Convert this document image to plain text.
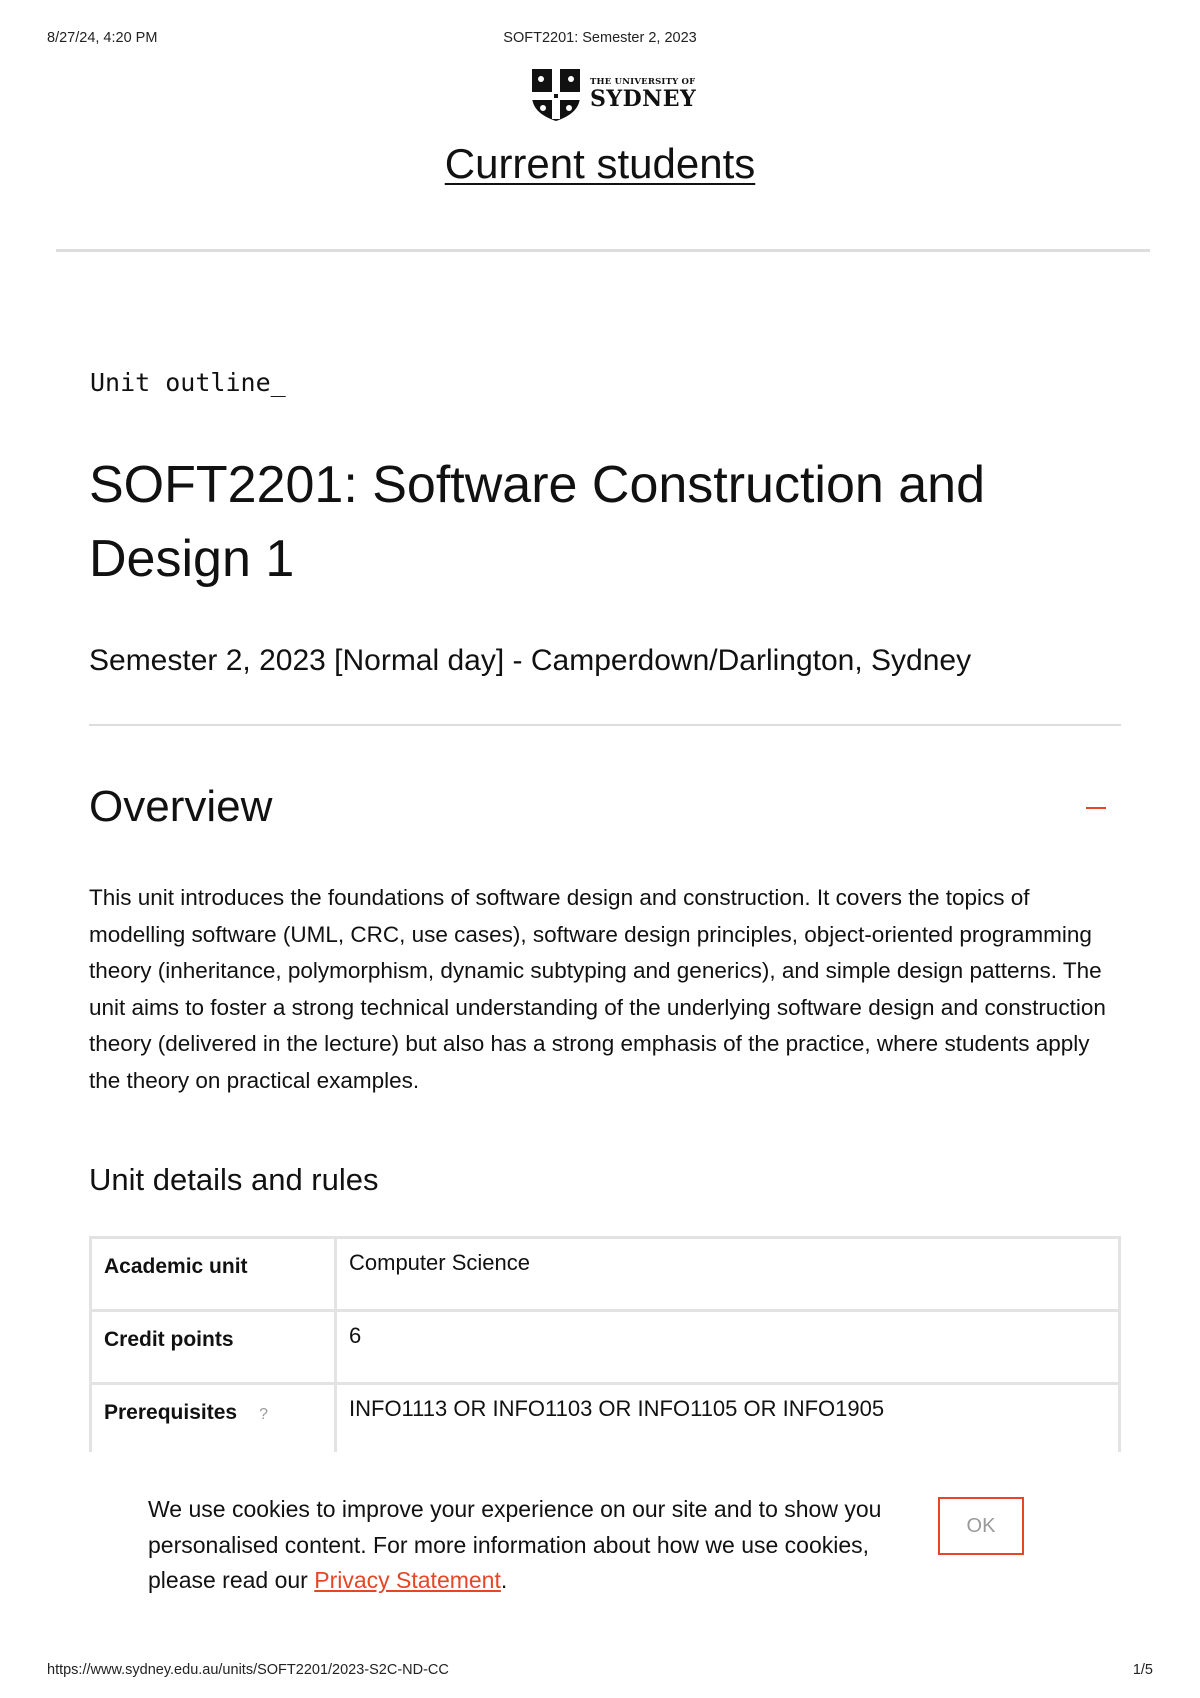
8/27/24, 4:20 PM	SOFT2201: Semester 2, 2023
THE UNIVERSITY OF
SYDNEY
Current students
Unit outline_
SOFT2201: Software Construction and Design 1
Semester 2, 2023 [Normal day] - Camperdown/Darlington, Sydney
Overview

This unit introduces the foundations of software design and construction. It covers the topics of modelling software (UML, CRC, use cases), software design principles, object-oriented programming theory (inheritance, polymorphism, dynamic subtyping and generics), and simple design patterns. The unit aims to foster a strong technical understanding of the underlying software design and construction theory (delivered in the lecture) but also has a strong emphasis of the practice, where students apply the theory on practical examples.

Unit details and rules
Academic unit	Computer Science
Credit points	6
Prerequisites ?	INFO1113 OR INFO1103 OR INFO1105 OR INFO1905

We use cookies to improve your experience on our site and to show you personalised content. For more information about how we use cookies, please read our Privacy Statement.
OK
https://www.sydney.edu.au/units/SOFT2201/2023-S2C-ND-CC	1/5
